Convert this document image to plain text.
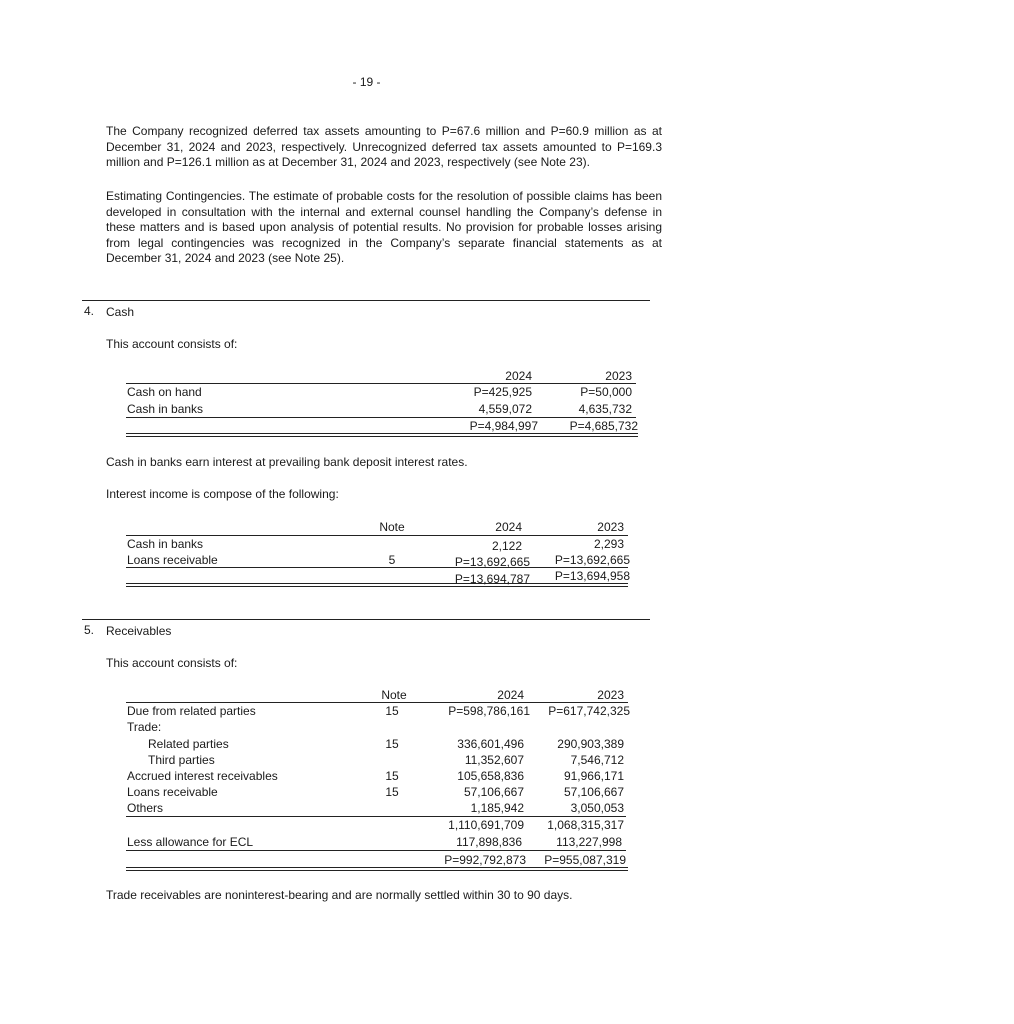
- 19 -

The Company recognized deferred tax assets amounting to P=67.6 million and P=60.9 million as at December 31, 2024 and 2023, respectively. Unrecognized deferred tax assets amounted to P=169.3 million and P=126.1 million as at December 31, 2024 and 2023, respectively (see Note 23).

Estimating Contingencies. The estimate of probable costs for the resolution of possible claims has been developed in consultation with the internal and external counsel handling the Company’s defense in these matters and is based upon analysis of potential results. No provision for probable losses arising from legal contingencies was recognized in the Company’s separate financial statements as at December 31, 2024 and 2023 (see Note 25).

4. Cash
This account consists of:
2024	2023
Cash on hand	P=425,925	P=50,000
Cash in banks	4,559,072	4,635,732
P=4,984,997	P=4,685,732
Cash in banks earn interest at prevailing bank deposit interest rates.
Interest income is compose of the following:
Note	2024	2023
Cash in banks	2,122	2,293
Loans receivable	5	P=13,692,665	P=13,692,665
P=13,694,787	P=13,694,958
5. Receivables
This account consists of:
Note	2024	2023
Due from related parties	15	P=598,786,161	P=617,742,325
Trade:
Related parties	15	336,601,496	290,903,389
Third parties	11,352,607	7,546,712
Accrued interest receivables	15	105,658,836	91,966,171
Loans receivable	15	57,106,667	57,106,667
Others	1,185,942	3,050,053
1,110,691,709	1,068,315,317
Less allowance for ECL	117,898,836	113,227,998
P=992,792,873	P=955,087,319
Trade receivables are noninterest-bearing and are normally settled within 30 to 90 days.
